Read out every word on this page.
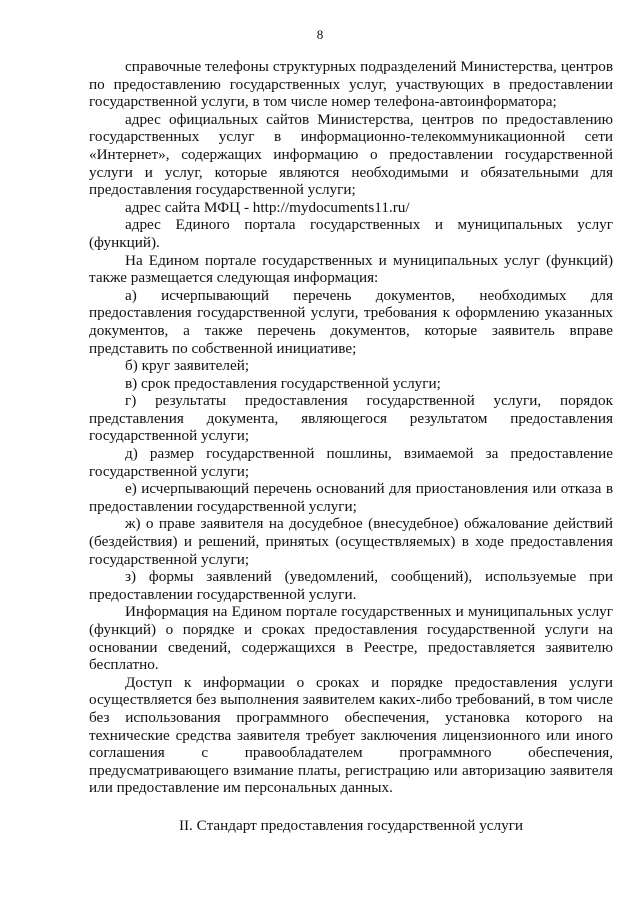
8

справочные телефоны структурных подразделений Министерства, центров по предоставлению государственных услуг, участвующих в предоставлении государственной услуги, в том числе номер телефона-автоинформатора;

адрес официальных сайтов Министерства, центров по предоставлению государственных услуг в информационно-телекоммуникационной сети «Интернет», содержащих информацию о предоставлении государственной услуги и услуг, которые являются необходимыми и обязательными для предоставления государственной услуги;

адрес сайта МФЦ - http://mydocuments11.ru/

адрес Единого портала государственных и муниципальных услуг (функций).

На Едином портале государственных и муниципальных услуг (функций) также размещается следующая информация:

а) исчерпывающий перечень документов, необходимых для предоставления государственной услуги, требования к оформлению указанных документов, а также перечень документов, которые заявитель вправе представить по собственной инициативе;

б) круг заявителей;

в) срок предоставления государственной услуги;

г) результаты предоставления государственной услуги, порядок представления документа, являющегося результатом предоставления государственной услуги;

д) размер государственной пошлины, взимаемой за предоставление государственной услуги;

е) исчерпывающий перечень оснований для приостановления или отказа в предоставлении государственной услуги;

ж) о праве заявителя на досудебное (внесудебное) обжалование действий (бездействия) и решений, принятых (осуществляемых) в ходе предоставления государственной услуги;

з) формы заявлений (уведомлений, сообщений), используемые при предоставлении государственной услуги.

Информация на Едином портале государственных и муниципальных услуг (функций) о порядке и сроках предоставления государственной услуги на основании сведений, содержащихся в Реестре, предоставляется заявителю бесплатно.

Доступ к информации о сроках и порядке предоставления услуги осуществляется без выполнения заявителем каких-либо требований, в том числе без использования программного обеспечения, установка которого на технические средства заявителя требует заключения лицензионного или иного соглашения с правообладателем программного обеспечения, предусматривающего взимание платы, регистрацию или авторизацию заявителя или предоставление им персональных данных.

II. Стандарт предоставления государственной услуги
